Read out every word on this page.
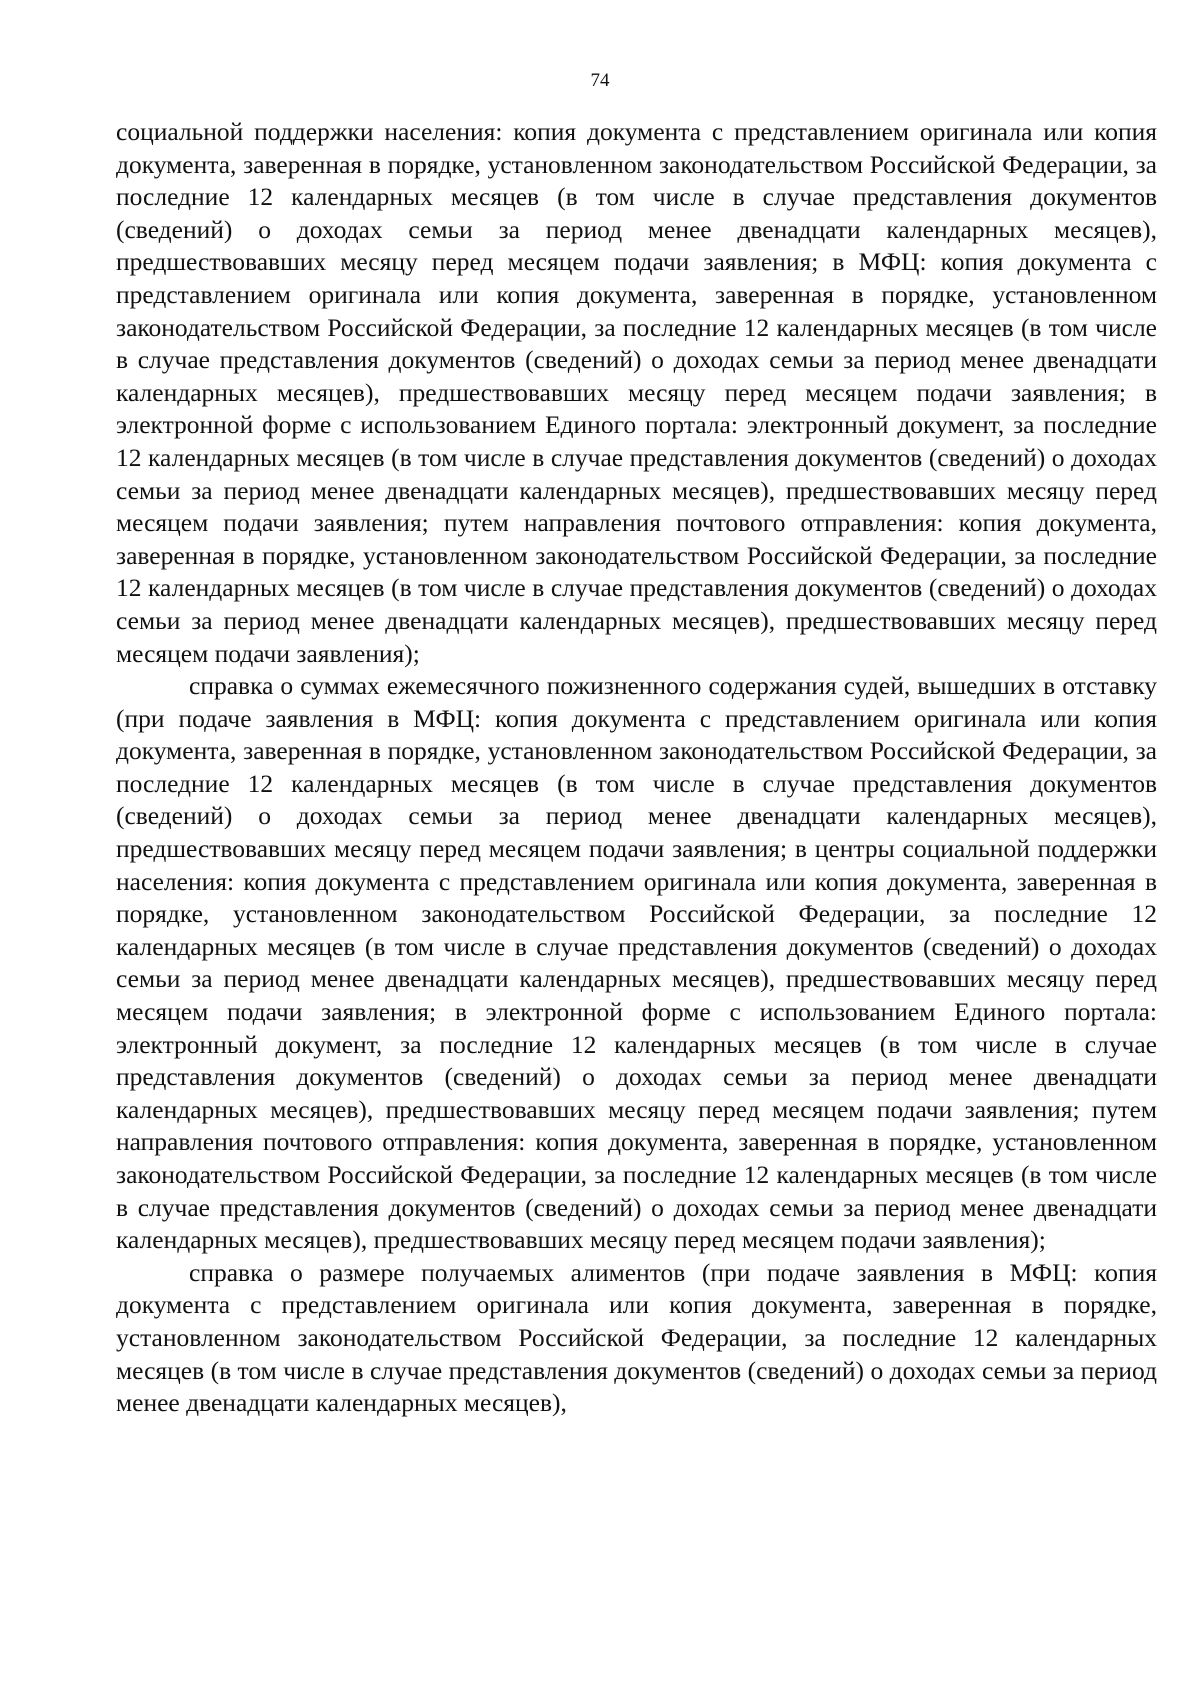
74

социальной поддержки населения: копия документа с представлением оригинала или копия документа, заверенная в порядке, установленном законодательством Российской Федерации, за последние 12 календарных месяцев (в том числе в случае представления документов (сведений) о доходах семьи за период менее двенадцати календарных месяцев), предшествовавших месяцу перед месяцем подачи заявления; в МФЦ: копия документа с представлением оригинала или копия документа, заверенная в порядке, установленном законодательством Российской Федерации, за последние 12 календарных месяцев (в том числе в случае представления документов (сведений) о доходах семьи за период менее двенадцати календарных месяцев), предшествовавших месяцу перед месяцем подачи заявления; в электронной форме с использованием Единого портала: электронный документ, за последние 12 календарных месяцев (в том числе в случае представления документов (сведений) о доходах семьи за период менее двенадцати календарных месяцев), предшествовавших месяцу перед месяцем подачи заявления; путем направления почтового отправления: копия документа, заверенная в порядке, установленном законодательством Российской Федерации, за последние 12 календарных месяцев (в том числе в случае представления документов (сведений) о доходах семьи за период менее двенадцати календарных месяцев), предшествовавших месяцу перед месяцем подачи заявления);

справка о суммах ежемесячного пожизненного содержания судей, вышедших в отставку (при подаче заявления в МФЦ: копия документа с представлением оригинала или копия документа, заверенная в порядке, установленном законодательством Российской Федерации, за последние 12 календарных месяцев (в том числе в случае представления документов (сведений) о доходах семьи за период менее двенадцати календарных месяцев), предшествовавших месяцу перед месяцем подачи заявления; в центры социальной поддержки населения: копия документа с представлением оригинала или копия документа, заверенная в порядке, установленном законодательством Российской Федерации, за последние 12 календарных месяцев (в том числе в случае представления документов (сведений) о доходах семьи за период менее двенадцати календарных месяцев), предшествовавших месяцу перед месяцем подачи заявления; в электронной форме с использованием Единого портала: электронный документ, за последние 12 календарных месяцев (в том числе в случае представления документов (сведений) о доходах семьи за период менее двенадцати календарных месяцев), предшествовавших месяцу перед месяцем подачи заявления; путем направления почтового отправления: копия документа, заверенная в порядке, установленном законодательством Российской Федерации, за последние 12 календарных месяцев (в том числе в случае представления документов (сведений) о доходах семьи за период менее двенадцати календарных месяцев), предшествовавших месяцу перед месяцем подачи заявления);

справка о размере получаемых алиментов (при подаче заявления в МФЦ: копия документа с представлением оригинала или копия документа, заверенная в порядке, установленном законодательством Российской Федерации, за последние 12 календарных месяцев (в том числе в случае представления документов (сведений) о доходах семьи за период менее двенадцати календарных месяцев),
